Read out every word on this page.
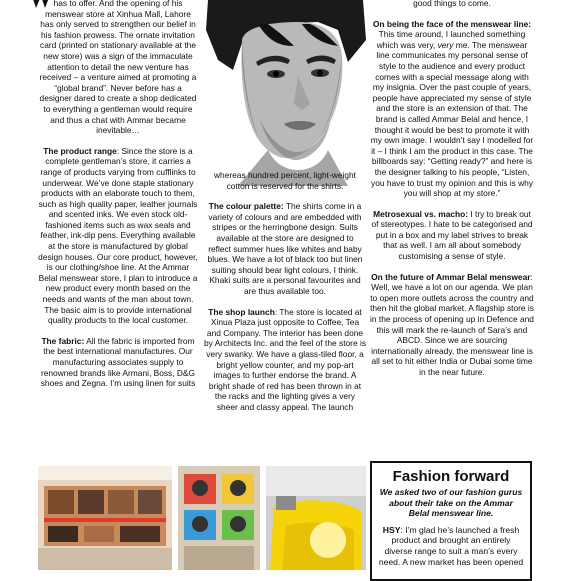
has to offer. And the opening of his menswear store at Xinhua Mall, Lahore has only served to strengthen our belief in his fashion prowess. The ornate invitation card (printed on stationary available at the new store) was a sign of the immaculate attention to detail the new venture has received – a venture aimed at promoting a “global brand”. Never before has a designer dared to create a shop dedicated to everything a gentleman would require and thus a chat with Ammar became inevitable…

The product range: Since the store is a complete gentleman’s store, it carries a range of products varying from cufflinks to underwear. We’ve done staple stationary products with an elaborate touch to them, such as high quality paper, leather journals and scented inks. We even stock old-fashioned items such as wax seals and feather, ink-dip pens. Everything available at the store is manufactured by global design houses. Our core product, however, is our clothing/shoe line. At the Ammar Belal menswear store, I plan to introduce a new product every month based on the needs and wants of the man about town. The basic aim is to provide international quality products to the local customer.

The fabric: All the fabric is imported from the best international manufactures. Our manufacturing associates supply to renowned brands like Armani, Boss, D&G shoes and Zegna. I’m using linen for suits

whereas hundred percent, light-weight cotton is reserved for the shirts.

The colour palette: The shirts come in a variety of colours and are embedded with stripes or the herringbone design. Suits available at the store are designed to reflect summer hues like whites and baby blues. We have a lot of black too but linen suiting should bear light colours, I think. Khaki suits are a personal favourites and are thus available too.

The shop launch: The store is located at Xinua Plaza just opposite to Coffee, Tea and Company. The interior has been done by Architects Inc. and the feel of the store is very swanky. We have a glass-tiled floor, a bright yellow counter, and my pop-art images to further endorse the brand. A bright shade of red has been thrown in at the racks and the lighting gives a very sheer and classy appeal. The launch

good things to come.

On being the face of the menswear line: This time around, I launched something which was very, very me. The menswear line communicates my personal sense of style to the audience and every product comes with a special message along with my insignia. Over the past couple of years, people have appreciated my sense of style and the store is an extension of that. The brand is called Ammar Belal and hence, I thought it would be best to promote it with my own image. I wouldn’t say I modelled for it – I think I am the product in this case. The billboards say: “Getting ready?” and here is the designer talking to his people, “Listen, you have to trust my opinion and this is why you will shop at my store.”

Metrosexual vs. macho: I try to break out of stereotypes. I hate to be categorised and put in a box and my label strives to break that as well. I am all about somebody customising a sense of style.

On the future of Ammar Belal menswear: Well, we have a lot on our agenda. We plan to open more outlets across the country and then hit the global market. A flagship store is in the process of opening up in Defence and this will mark the re-launch of Sara’s and ABCD. Since we are sourcing internationally already, the menswear line is all set to hit either India or Dubai some time in the near future.

Fashion forward
We asked two of our fashion gurus about their take on the Ammar Belal menswear line.
HSY: I’m glad he’s launched a fresh product and brought an entirely diverse range to suit a man’s every need. A new market has been opened
